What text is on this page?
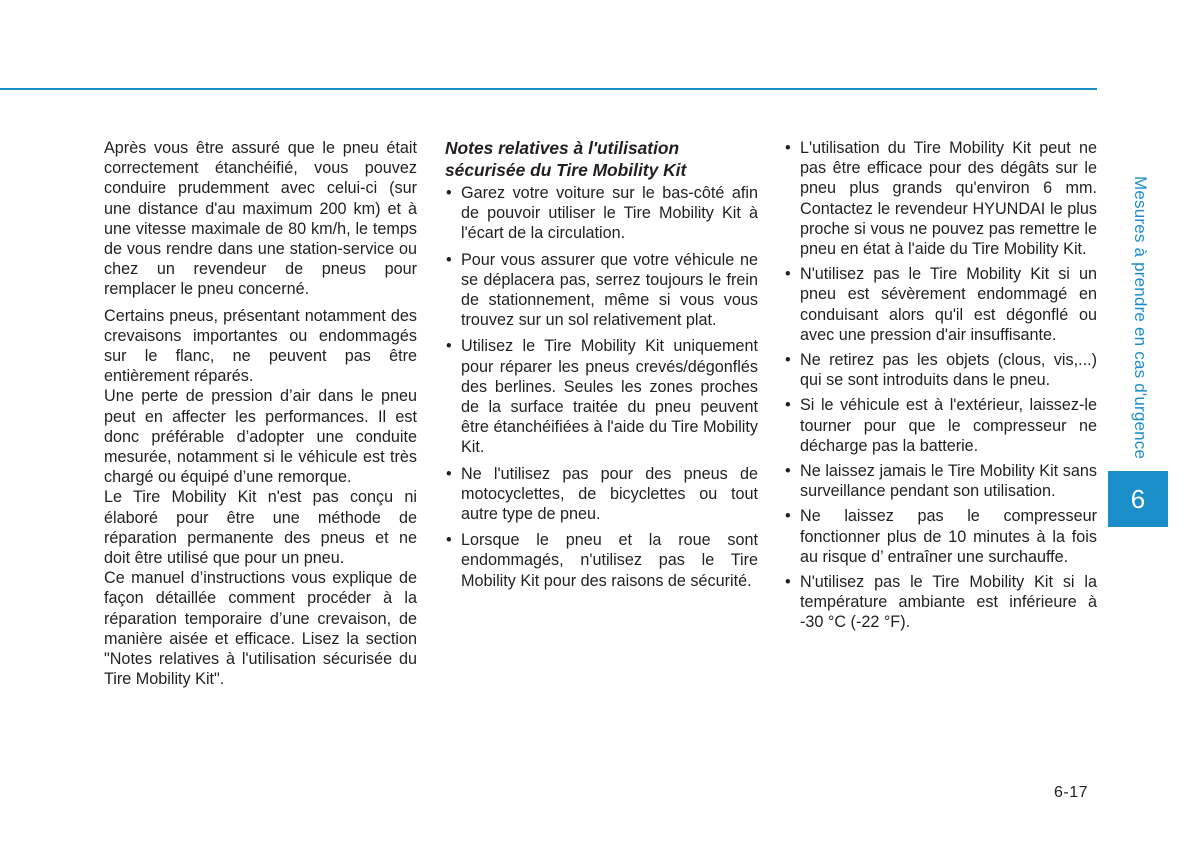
Après vous être assuré que le pneu était correctement étanchéifié, vous pouvez conduire prudemment avec celui-ci (sur une distance d'au maximum 200 km) et à une vitesse maximale de 80 km/h, le temps de vous rendre dans une station-service ou chez un revendeur de pneus pour remplacer le pneu concerné.

Certains pneus, présentant notamment des crevaisons importantes ou endommagés sur le flanc, ne peuvent pas être entièrement réparés.

Une perte de pression d’air dans le pneu peut en affecter les performances. Il est donc préférable d’adopter une conduite mesurée, notamment si le véhicule est très chargé ou équipé d’une remorque.

Le Tire Mobility Kit n'est pas conçu ni élaboré pour être une méthode de réparation permanente des pneus et ne doit être utilisé que pour un pneu.

Ce manuel d’instructions vous explique de façon détaillée comment procéder à la réparation temporaire d’une crevaison, de manière aisée et efficace. Lisez la section "Notes relatives à l'utilisation sécurisée du Tire Mobility Kit".

Notes relatives à l'utilisation sécurisée du Tire Mobility Kit
• Garez votre voiture sur le bas-côté afin de pouvoir utiliser le Tire Mobility Kit à l'écart de la circulation.
• Pour vous assurer que votre véhicule ne se déplacera pas, serrez toujours le frein de stationnement, même si vous vous trouvez sur un sol relativement plat.
• Utilisez le Tire Mobility Kit uniquement pour réparer les pneus crevés/dégonflés des berlines. Seules les zones proches de la surface traitée du pneu peuvent être étanchéifiées à l'aide du Tire Mobility Kit.
• Ne l'utilisez pas pour des pneus de motocyclettes, de bicyclettes ou tout autre type de pneu.
• Lorsque le pneu et la roue sont endommagés, n'utilisez pas le Tire Mobility Kit pour des raisons de sécurité.
• L'utilisation du Tire Mobility Kit peut ne pas être efficace pour des dégâts sur le pneu plus grands qu'environ 6 mm. Contactez le revendeur HYUNDAI le plus proche si vous ne pouvez pas remettre le pneu en état à l'aide du Tire Mobility Kit.
• N'utilisez pas le Tire Mobility Kit si un pneu est sévèrement endommagé en conduisant alors qu'il est dégonflé ou avec une pression d'air insuffisante.
• Ne retirez pas les objets (clous, vis,...) qui se sont introduits dans le pneu.
• Si le véhicule est à l'extérieur, laissez-le tourner pour que le compresseur ne décharge pas la batterie.
• Ne laissez jamais le Tire Mobility Kit sans surveillance pendant son utilisation.
• Ne laissez pas le compresseur fonctionner plus de 10 minutes à la fois au risque d’ entraîner une surchauffe.
• N'utilisez pas le Tire Mobility Kit si la température ambiante est inférieure à -30 °C (-22 °F).
Mesures à prendre en cas d'urgence
6
6-17
